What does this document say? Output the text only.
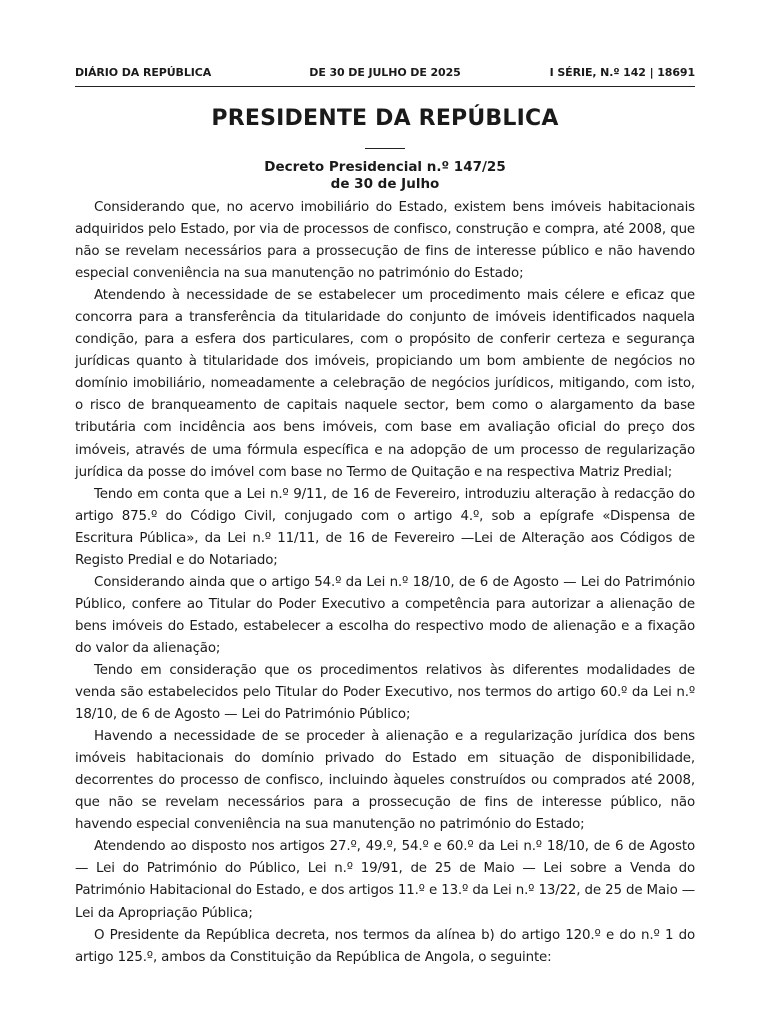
DIÁRIO DA REPÚBLICA	DE 30 DE JULHO DE 2025	I SÉRIE, N.º 142 | 18691
PRESIDENTE DA REPÚBLICA
Decreto Presidencial n.º 147/25
de 30 de Julho

Considerando que, no acervo imobiliário do Estado, existem bens imóveis habitacionais adquiridos pelo Estado, por via de processos de confisco, construção e compra, até 2008, que não se revelam necessários para a prossecução de fins de interesse público e não havendo especial conveniência na sua manutenção no património do Estado;

Atendendo à necessidade de se estabelecer um procedimento mais célere e eficaz que concorra para a transferência da titularidade do conjunto de imóveis identificados naquela condição, para a esfera dos particulares, com o propósito de conferir certeza e segurança jurídicas quanto à titularidade dos imóveis, propiciando um bom ambiente de negócios no domínio imobiliário, nomeadamente a celebração de negócios jurídicos, mitigando, com isto, o risco de branqueamento de capitais naquele sector, bem como o alargamento da base tributária com incidência aos bens imóveis, com base em avaliação oficial do preço dos imóveis, através de uma fórmula específica e na adopção de um processo de regularização jurídica da posse do imóvel com base no Termo de Quitação e na respectiva Matriz Predial;

Tendo em conta que a Lei n.º 9/11, de 16 de Fevereiro, introduziu alteração à redacção do artigo 875.º do Código Civil, conjugado com o artigo 4.º, sob a epígrafe «Dispensa de Escritura Pública», da Lei n.º 11/11, de 16 de Fevereiro —Lei de Alteração aos Códigos de Registo Predial e do Notariado;

Considerando ainda que o artigo 54.º da Lei n.º 18/10, de 6 de Agosto — Lei do Património Público, confere ao Titular do Poder Executivo a competência para autorizar a alienação de bens imóveis do Estado, estabelecer a escolha do respectivo modo de alienação e a fixação do valor da alienação;

Tendo em consideração que os procedimentos relativos às diferentes modalidades de venda são estabelecidos pelo Titular do Poder Executivo, nos termos do artigo 60.º da Lei n.º 18/10, de 6 de Agosto — Lei do Património Público;

Havendo a necessidade de se proceder à alienação e a regularização jurídica dos bens imóveis habitacionais do domínio privado do Estado em situação de disponibilidade, decorrentes do processo de confisco, incluindo àqueles construídos ou comprados até 2008, que não se revelam necessários para a prossecução de fins de interesse público, não havendo especial conveniência na sua manutenção no património do Estado;

Atendendo ao disposto nos artigos 27.º, 49.º, 54.º e 60.º da Lei n.º 18/10, de 6 de Agosto — Lei do Património do Público, Lei n.º 19/91, de 25 de Maio — Lei sobre a Venda do Património Habitacional do Estado, e dos artigos 11.º e 13.º da Lei n.º 13/22, de 25 de Maio — Lei da Apropriação Pública;

O Presidente da República decreta, nos termos da alínea b) do artigo 120.º e do n.º 1 do artigo 125.º, ambos da Constituição da República de Angola, o seguinte:
